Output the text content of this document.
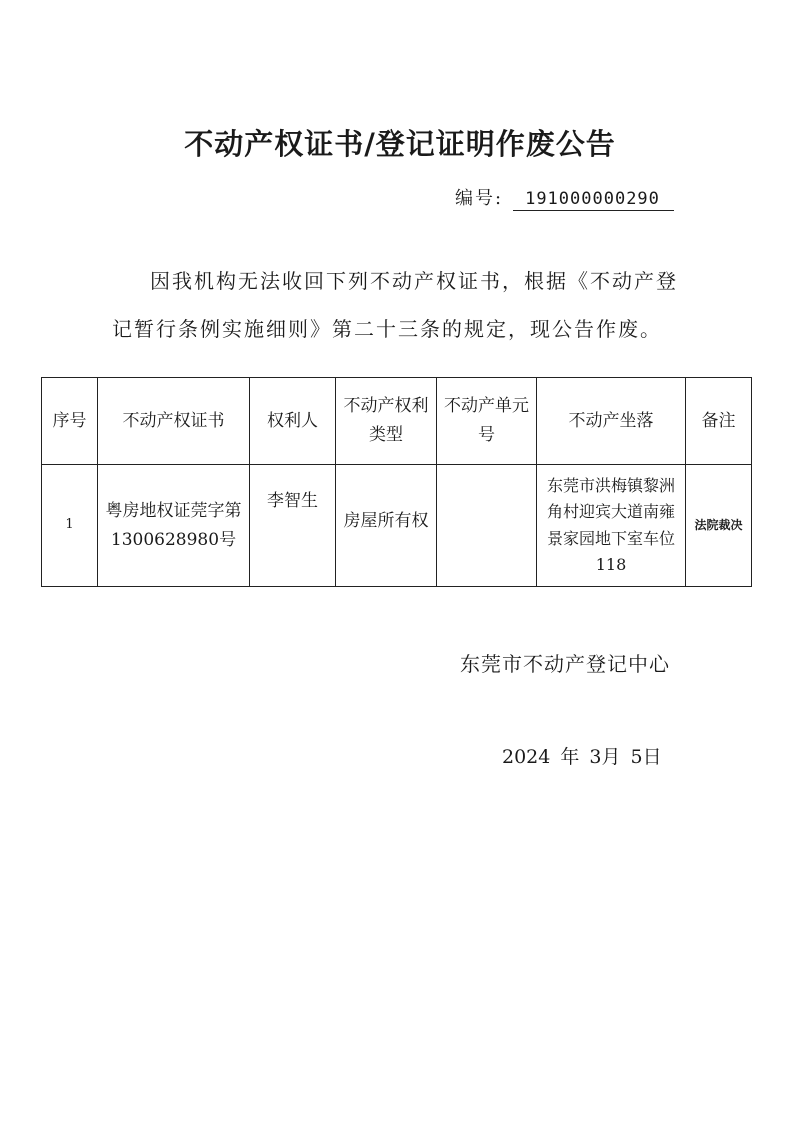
不动产权证书/登记证明作废公告
编号: 191000000290
因我机构无法收回下列不动产权证书，根据《不动产登
记暂行条例实施细则》第二十三条的规定，现公告作废。
序号	不动产权证书	权利人	不动产权利
类型	不动产单元
号	不动产坐落	备注
1	粤房地权证莞字第
1300628980号	李智生	房屋所有权		东莞市洪梅镇黎洲
角村迎宾大道南雍
景家园地下室车位
118	法院裁决
东莞市不动产登记中心
2024 年 3月 5日
